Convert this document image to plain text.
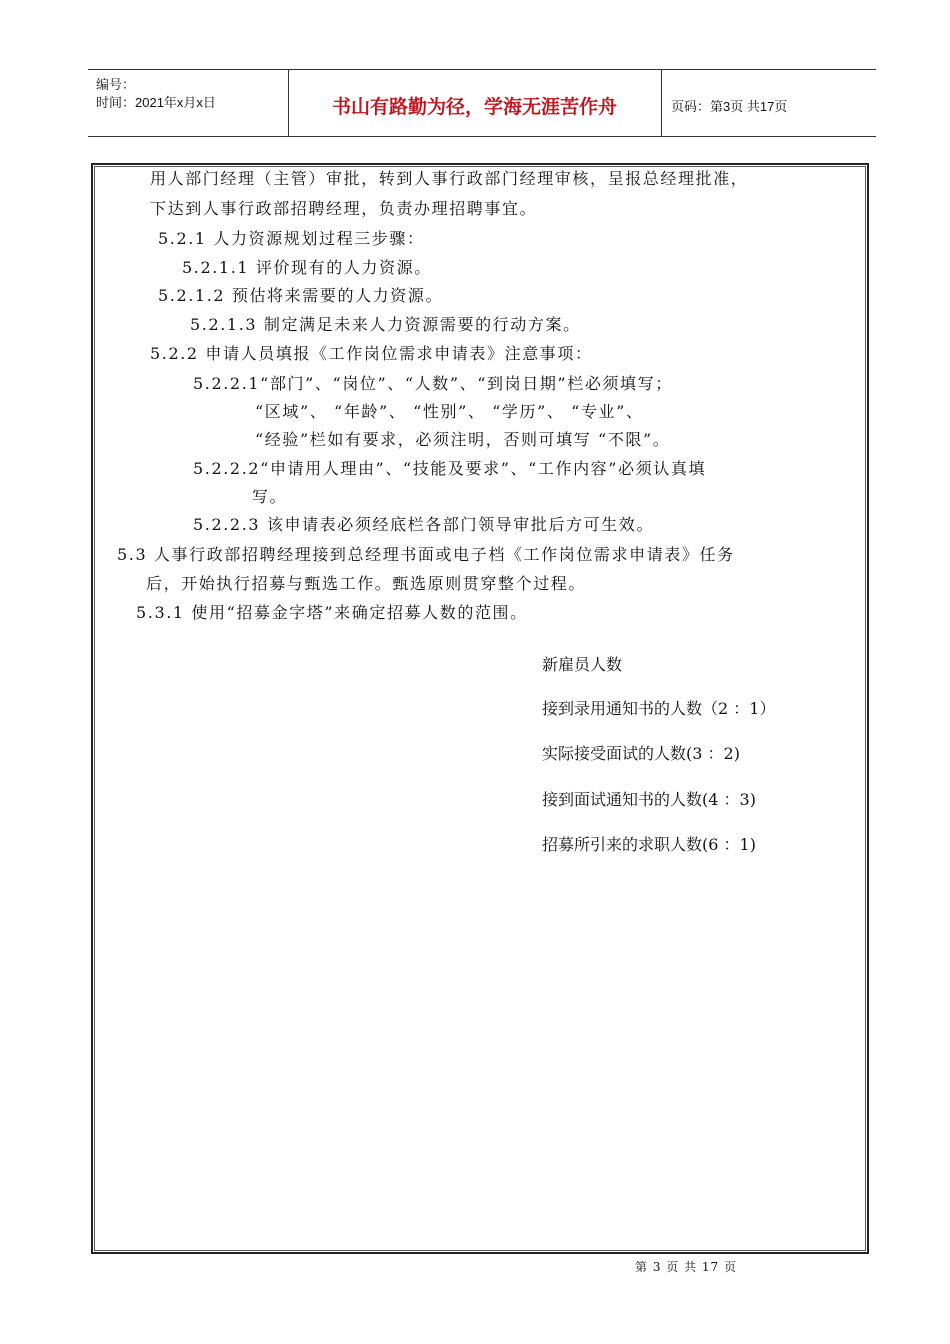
编号：
时间：2021年x月x日	书山有路勤为径，学海无涯苦作舟	页码：第3页 共17页
用人部门经理（主管）审批，转到人事行政部门经理审核，呈报总经理批准，
下达到人事行政部招聘经理，负责办理招聘事宜。
5.2.1 人力资源规划过程三步骤：
5.2.1.1 评价现有的人力资源。
5.2.1.2 预估将来需要的人力资源。
5.2.1.3 制定满足未来人力资源需要的行动方案。
5.2.2 申请人员填报《工作岗位需求申请表》注意事项：
5.2.2.1“部门”、“岗位”、“人数”、“到岗日期”栏必须填写；
“区域”、 “年龄”、 “性别”、 “学历”、 “专业”、
“经验”栏如有要求，必须注明，否则可填写 “不限”。
5.2.2.2“申请用人理由”、“技能及要求”、“工作内容”必须认真填
写。
5.2.2.3 该申请表必须经底栏各部门领导审批后方可生效。
5.3 人事行政部招聘经理接到总经理书面或电子档《工作岗位需求申请表》任务
后，开始执行招募与甄选工作。甄选原则贯穿整个过程。
5.3.1 使用“招募金字塔”来确定招募人数的范围。
新雇员人数
接到录用通知书的人数（2 ：1）
实际接受面试的人数(3 ：2)
接到面试通知书的人数(4 ：3)
招募所引来的求职人数(6 ：1)
第 3 页 共 17 页
